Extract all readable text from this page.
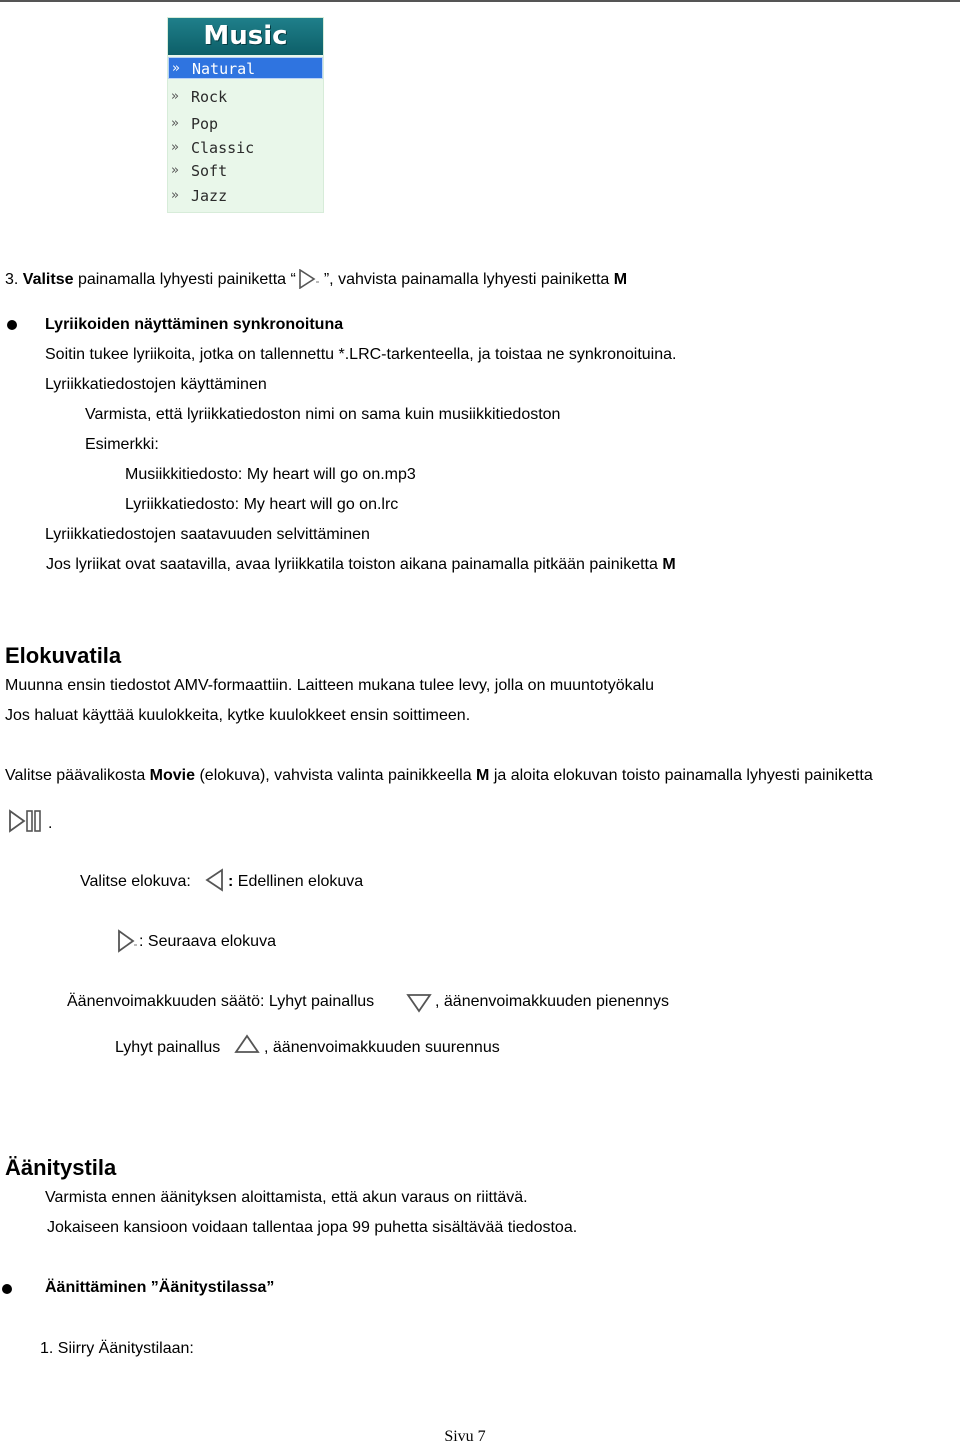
Music
» Natural
» Rock
» Pop
» Classic
» Soft
» Jazz
3. Valitse painamalla lyhyesti painiketta “ ”, vahvista painamalla lyhyesti painiketta M
Lyriikoiden näyttäminen synkronoituna
Soitin tukee lyriikoita, jotka on tallennettu *.LRC-tarkenteella, ja toistaa ne synkronoituina.
Lyriikkatiedostojen käyttäminen
Varmista, että lyriikkatiedoston nimi on sama kuin musiikkitiedoston
Esimerkki:
Musiikkitiedosto: My heart will go on.mp3
Lyriikkatiedosto: My heart will go on.lrc
Lyriikkatiedostojen saatavuuden selvittäminen
Jos lyriikat ovat saatavilla, avaa lyriikkatila toiston aikana painamalla pitkään painiketta M
Elokuvatila
Muunna ensin tiedostot AMV-formaattiin. Laitteen mukana tulee levy, jolla on muuntotyökalu
Jos haluat käyttää kuulokkeita, kytke kuulokkeet ensin soittimeen.
Valitse päävalikosta Movie (elokuva), vahvista valinta painikkeella M ja aloita elokuvan toisto painamalla lyhyesti painiketta
.
Valitse elokuva: : Edellinen elokuva
: Seuraava elokuva
Äänenvoimakkuuden säätö: Lyhyt painallus	, äänenvoimakkuuden pienennys
Lyhyt painallus	, äänenvoimakkuuden suurennus
Äänitystila
Varmista ennen äänityksen aloittamista, että akun varaus on riittävä.
Jokaiseen kansioon voidaan tallentaa jopa 99 puhetta sisältävää tiedostoa.
Äänittäminen ”Äänitystilassa”
1. Siirry Äänitystilaan:
Sivu 7
